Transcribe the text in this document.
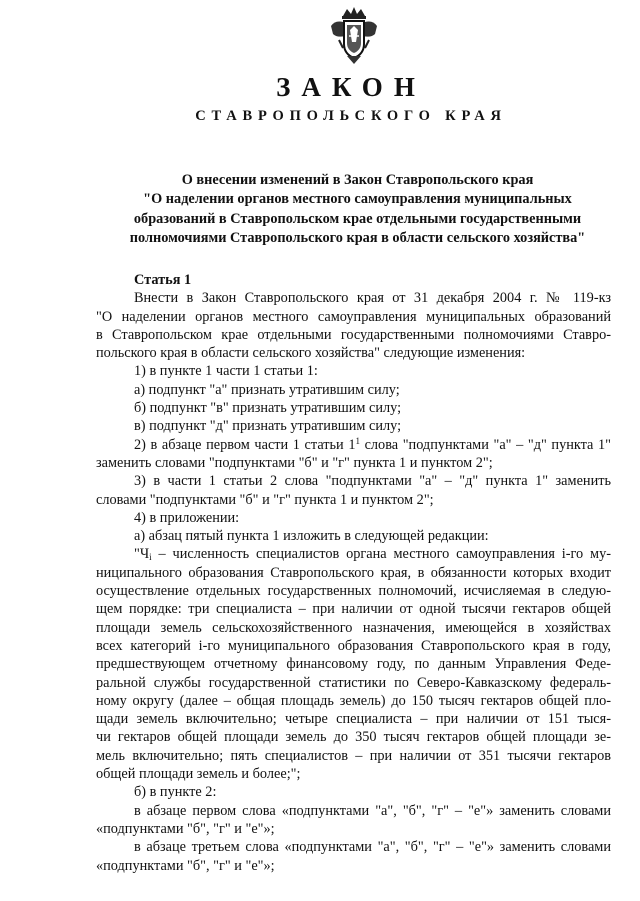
ЗАКОН
СТАВРОПОЛЬСКОГО КРАЯ
О внесении изменений в Закон Ставропольского края
"О наделении органов местного самоуправления муниципальных
образований в Ставропольском крае отдельными государственными
полномочиями Ставропольского края в области сельского хозяйства"

Статья 1

Внести в Закон Ставропольского края от 31 декабря 2004 г. № 119-кз
"О наделении органов местного самоуправления муниципальных образований
в Ставропольском крае отдельными государственными полномочиями Ставро-
польского края в области сельского хозяйства" следующие изменения:

1) в пункте 1 части 1 статьи 1:

а) подпункт "а" признать утратившим силу;

б) подпункт "в" признать утратившим силу;

в) подпункт "д" признать утратившим силу;

2) в абзаце первом части 1 статьи $1^1$ слова "подпунктами "а" – "д" пункта 1"
заменить словами "подпунктами "б" и "г" пункта 1 и пунктом 2";

3) в части 1 статьи 2 слова "подпунктами "а" – "д" пункта 1" заменить
словами "подпунктами "б" и "г" пункта 1 и пунктом 2";

4) в приложении:

а) абзац пятый пункта 1 изложить в следующей редакции:

"$Ч_i$ – численность специалистов органа местного самоуправления i-го му-
ниципального образования Ставропольского края, в обязанности которых входит
осуществление отдельных государственных полномочий, исчисляемая в следую-
щем порядке: три специалиста – при наличии от одной тысячи гектаров общей
площади земель сельскохозяйственного назначения, имеющейся в хозяйствах
всех категорий i-го муниципального образования Ставропольского края в году,
предшествующем отчетному финансовому году, по данным Управления Федe-
ральной службы государственной статистики по Северо-Кавказскому федераль-
ному округу (далее – общая площадь земель) до 150 тысяч гектаров общей пло-
щади земель включительно; четыре специалиста – при наличии от 151 тыся-
чи гектаров общей площади земель до 350 тысяч гектаров общей площади зе-
мель включительно; пять специалистов – при наличии от 351 тысячи гектаров
общей площади земель и более;";

б) в пункте 2:

в абзаце первом слова «подпунктами "а", "б", "г" – "е"» заменить словами
«подпунктами "б", "г" и "е"»;

в абзаце третьем слова «подпунктами "а", "б", "г" – "е"» заменить словами
«подпунктами "б", "г" и "е"»;
